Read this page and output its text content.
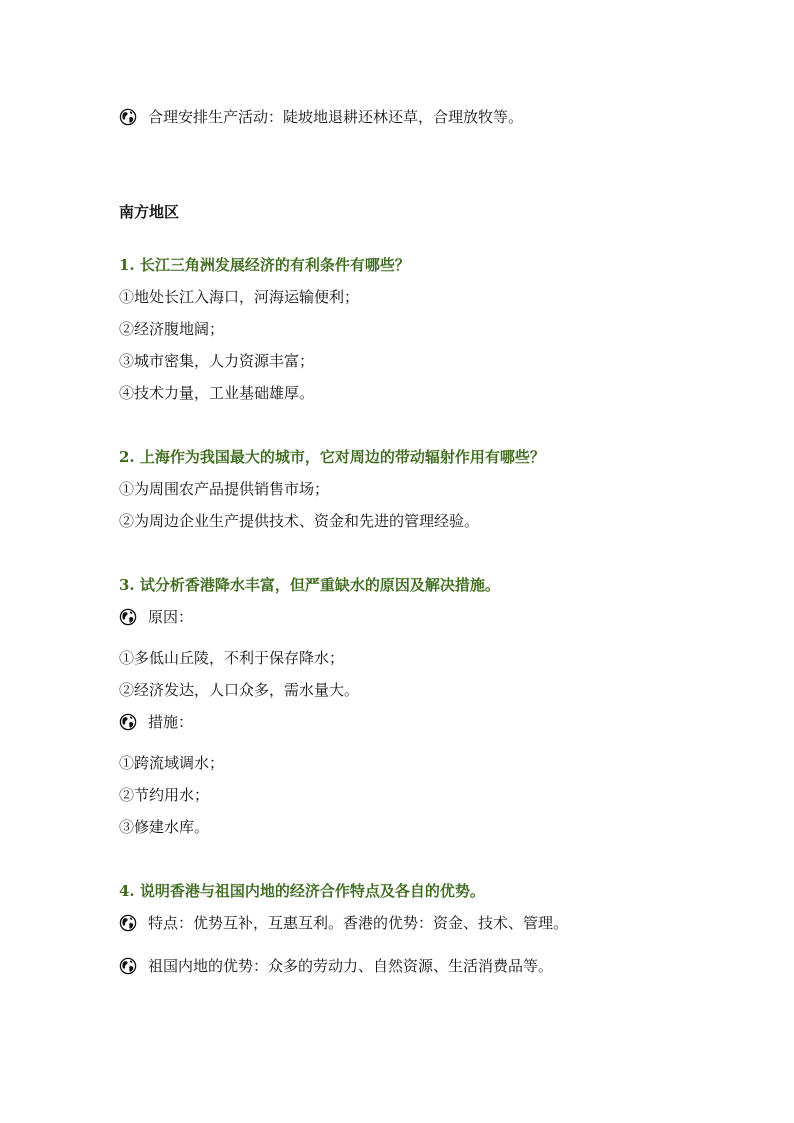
合理安排生产活动：陡坡地退耕还林还草，合理放牧等。
南方地区
1. 长江三角洲发展经济的有利条件有哪些？
①地处长江入海口，河海运输便利；
②经济腹地阔；
③城市密集，人力资源丰富；
④技术力量，工业基础雄厚。
2. 上海作为我国最大的城市，它对周边的带动辐射作用有哪些？
①为周围农产品提供销售市场；
②为周边企业生产提供技术、资金和先进的管理经验。
3. 试分析香港降水丰富，但严重缺水的原因及解决措施。
原因：
①多低山丘陵，不利于保存降水；
②经济发达，人口众多，需水量大。
措施：
①跨流域调水；
②节约用水；
③修建水库。
4. 说明香港与祖国内地的经济合作特点及各自的优势。
特点：优势互补，互惠互利。香港的优势：资金、技术、管理。
祖国内地的优势：众多的劳动力、自然资源、生活消费品等。
